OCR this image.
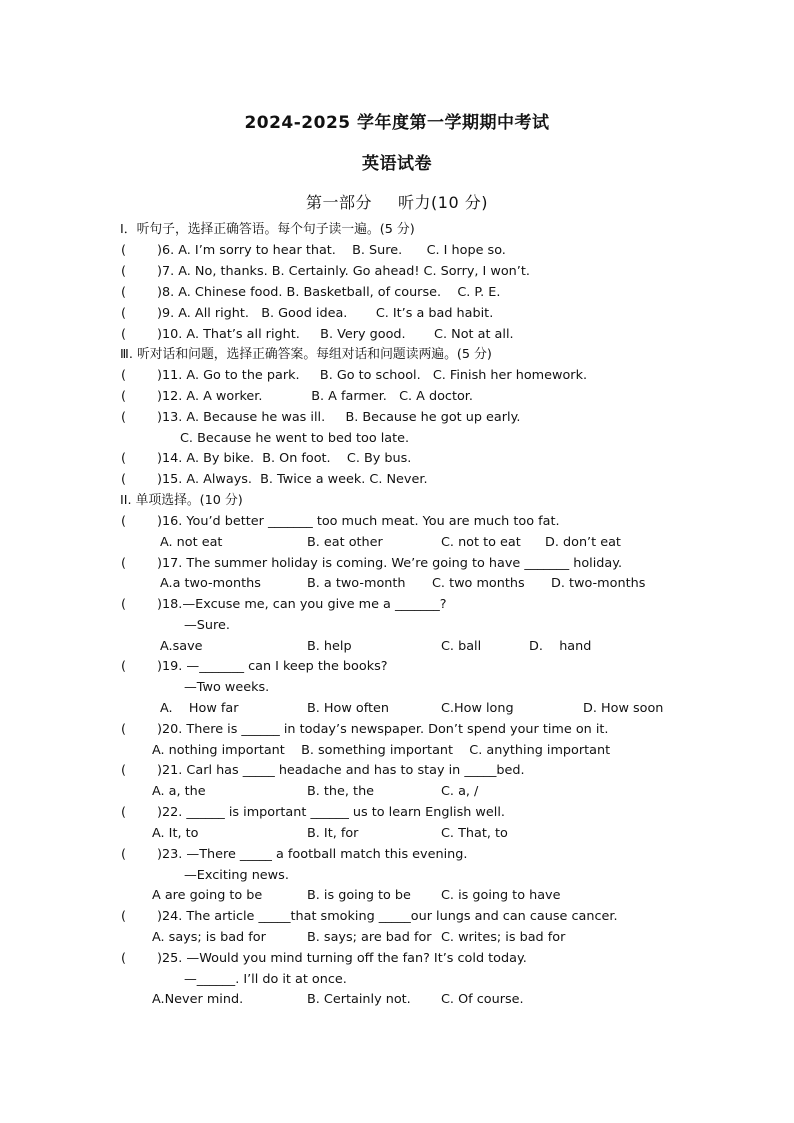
2024-2025 学年度第一学期期中考试
英语试卷
第一部分 听力(10 分)
I．听句子，选择正确答语。每个句子读一遍。(5 分)
( )6. A. I’m sorry to hear that.    B. Sure.      C. I hope so.
( )7. A. No, thanks. B. Certainly. Go ahead! C. Sorry, I won’t.
( )8. A. Chinese food. B. Basketball, of course.    C. P. E.
( )9. A. All right.   B. Good idea.       C. It’s a bad habit.
( )10. A. That’s all right.     B. Very good.       C. Not at all.
Ⅲ. 听对话和问题，选择正确答案。每组对话和问题读两遍。(5 分)
( )11. A. Go to the park.     B. Go to school.   C. Finish her homework.
( )12. A. A worker.            B. A farmer.   C. A doctor.
( )13. A. Because he was ill.     B. Because he got up early.
C. Because he went to bed too late.
( )14. A. By bike.  B. On foot.    C. By bus.
( )15. A. Always.  B. Twice a week. C. Never.
II. 单项选择。(10 分)
( )16. You’d better _______ too much meat. You are much too fat.
A. not eat	B. eat other	C. not to eat D. don’t eat
( )17. The summer holiday is coming. We’re going to have _______ holiday.
A.a two-months	B. a two-month C. two months D. two-months
( )18.—Excuse me, can you give me a _______?
—Sure.
A.save	B. help	C. ball	D.    hand
( )19. —_______ can I keep the books?
—Two weeks.
A.    How far	B. How often	C.How long	D. How soon
( )20. There is ______ in today’s newspaper. Don’t spend your time on it.
A. nothing important    B. something important    C. anything important
( )21. Carl has _____ headache and has to stay in _____bed.
A. a, the	B. the, the	C. a, /
( )22. ______ is important ______ us to learn English well.
A. It, to	B. It, for	C. That, to
( )23. —There _____ a football match this evening.
—Exciting news.
A are going to be	B. is going to be C. is going to have
( )24. The article _____that smoking _____our lungs and can cause cancer.
A. says; is bad for	B. says; are bad for C. writes; is bad for
( )25. —Would you mind turning off the fan? It’s cold today.
—______. I’ll do it at once.
A.Never mind.	B. Certainly not. C. Of course.
